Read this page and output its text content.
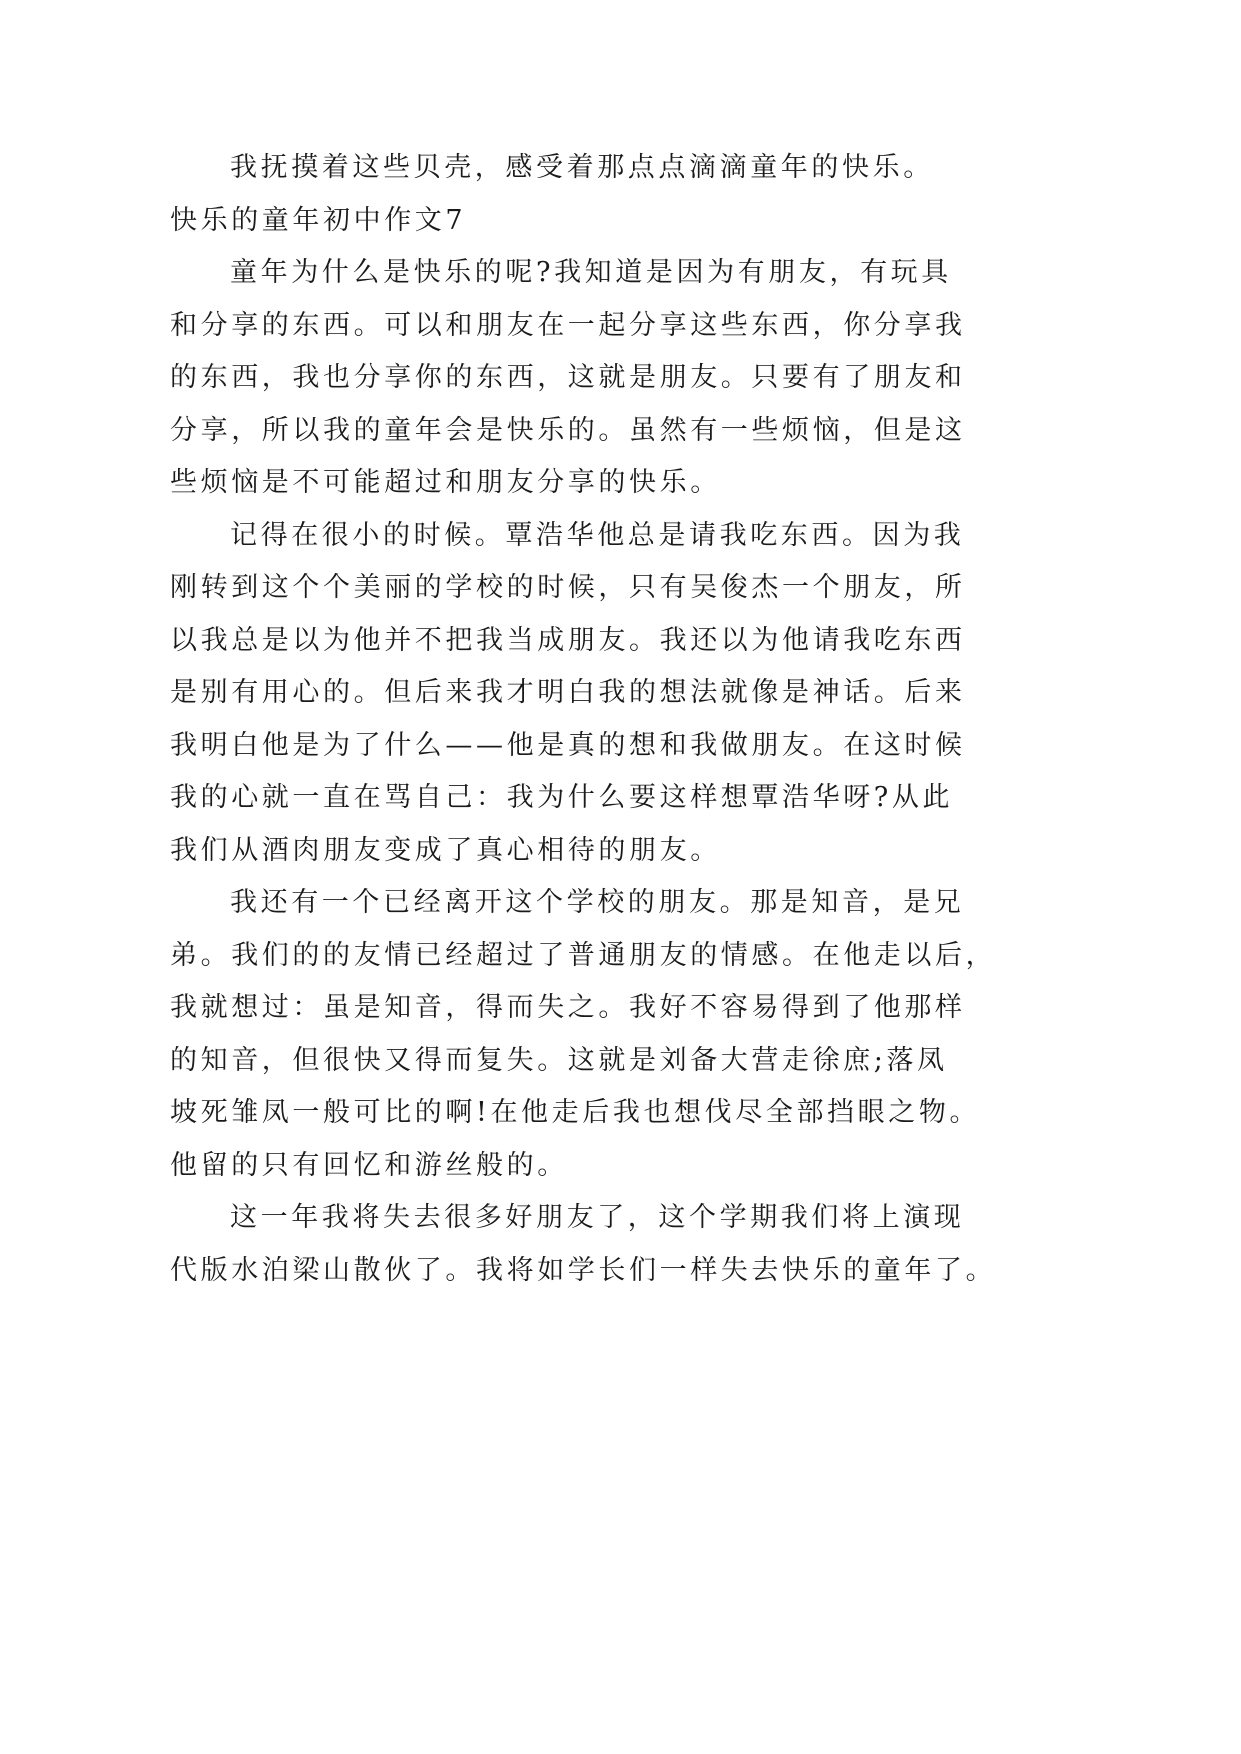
我抚摸着这些贝壳，感受着那点点滴滴童年的快乐。
快乐的童年初中作文7
童年为什么是快乐的呢?我知道是因为有朋友，有玩具
和分享的东西。可以和朋友在一起分享这些东西，你分享我
的东西，我也分享你的东西，这就是朋友。只要有了朋友和
分享，所以我的童年会是快乐的。虽然有一些烦恼，但是这
些烦恼是不可能超过和朋友分享的快乐。
记得在很小的时候。覃浩华他总是请我吃东西。因为我
刚转到这个个美丽的学校的时候，只有吴俊杰一个朋友，所
以我总是以为他并不把我当成朋友。我还以为他请我吃东西
是别有用心的。但后来我才明白我的想法就像是神话。后来
我明白他是为了什么——他是真的想和我做朋友。在这时候
我的心就一直在骂自己：我为什么要这样想覃浩华呀?从此
我们从酒肉朋友变成了真心相待的朋友。
我还有一个已经离开这个学校的朋友。那是知音，是兄
弟。我们的的友情已经超过了普通朋友的情感。在他走以后，
我就想过：虽是知音，得而失之。我好不容易得到了他那样
的知音，但很快又得而复失。这就是刘备大营走徐庶;落凤
坡死雏凤一般可比的啊!在他走后我也想伐尽全部挡眼之物。
他留的只有回忆和游丝般的。
这一年我将失去很多好朋友了，这个学期我们将上演现
代版水泊梁山散伙了。我将如学长们一样失去快乐的童年了。
